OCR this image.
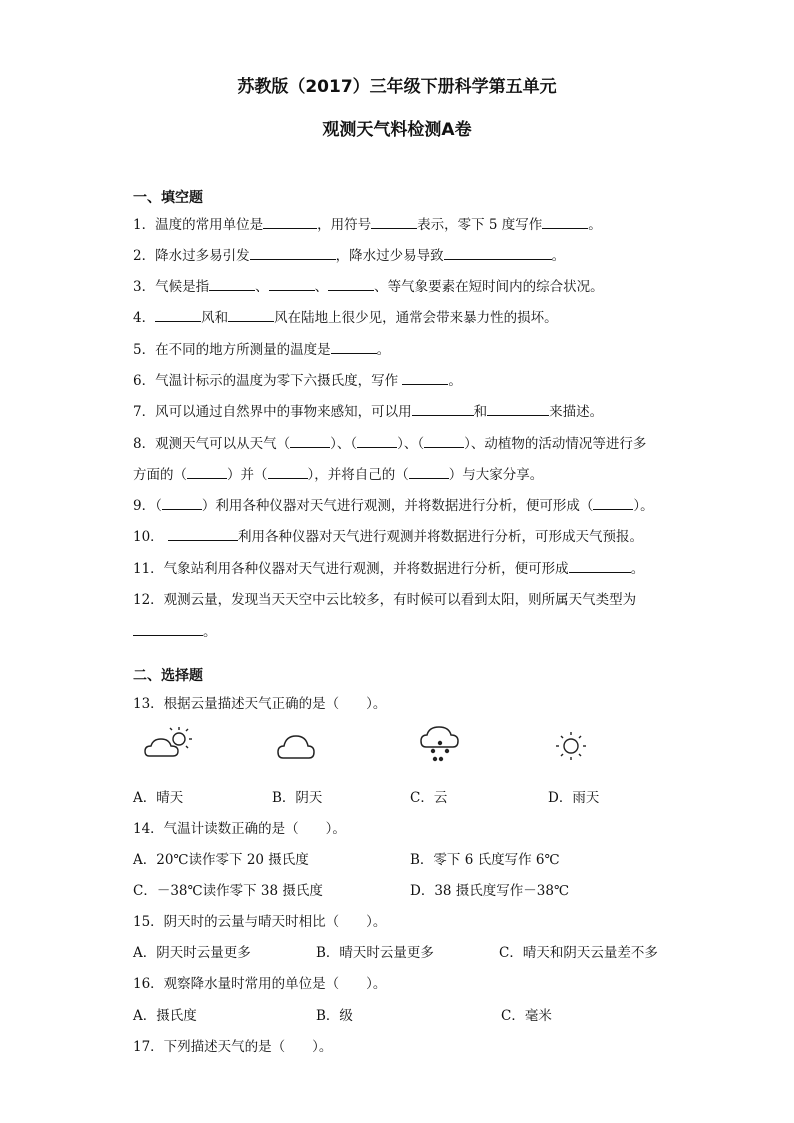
苏教版（2017）三年级下册科学第五单元
观测天气料检测A卷
一、填空题
1．温度的常用单位是	，用符号	表示，零下 5 度写作	。
2．降水过多易引发	，降水过少易导致	。
3．气候是指	、	、	、等气象要素在短时间内的综合状况。
4．	风和	风在陆地上很少见，通常会带来暴力性的损坏。
5．在不同的地方所测量的温度是	。
6．气温计标示的温度为零下六摄氏度，写作	。
7．风可以通过自然界中的事物来感知，可以用	和	来描述。
8．观测天气可以从天气（	）、（	）、（	）、动植物的活动情况等进行多
方面的（	）并（	），并将自己的（	）与大家分享。
9．（	）利用各种仪器对天气进行观测，并将数据进行分析，便可形成（	）。
10．	利用各种仪器对天气进行观测并将数据进行分析，可形成天气预报。
11．气象站利用各种仪器对天气进行观测，并将数据进行分析，便可形成	。
12．观测云量，发现当天天空中云比较多，有时候可以看到太阳，则所属天气类型为
。
二、选择题
13．根据云量描述天气正确的是（　　）。
A．晴天	B．阴天	C．云	D．雨天
14．气温计读数正确的是（　　）。
A．20℃读作零下 20 摄氏度	B．零下 6 氏度写作 6℃
C．－38℃读作零下 38 摄氏度	D．38 摄氏度写作－38℃
15．阴天时的云量与晴天时相比（　　）。
A．阴天时云量更多	B．晴天时云量更多	C．晴天和阴天云量差不多
16．观察降水量时常用的单位是（　　）。
A．摄氏度	B．级	C．毫米
17．下列描述天气的是（　　）。
